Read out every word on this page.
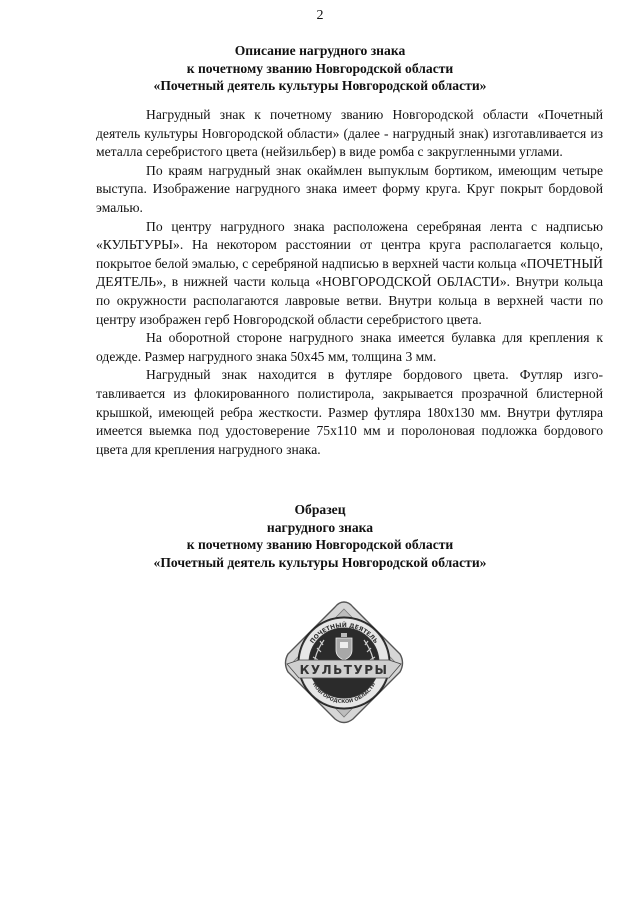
2
Описание нагрудного знака
к почетному званию Новгородской области
«Почетный деятель культуры Новгородской области»

Нагрудный знак к почетному званию Новгородской области «Почетный деятель культуры Новгородской области» (далее - нагрудный знак) изготавливается из металла серебристого цвета (нейзильбер) в виде ромба с закругленными углами.

По краям нагрудный знак окаймлен выпуклым бортиком, имеющим четыре выступа. Изображение нагрудного знака имеет форму круга. Круг покрыт бордовой эмалью.

По центру нагрудного знака расположена серебряная лента с надписью «КУЛЬТУРЫ». На некотором расстоянии от центра круга располагается кольцо, покрытое белой эмалью, с серебряной надписью в верхней части кольца «ПОЧЕТНЫЙ ДЕЯТЕЛЬ», в нижней части кольца «НОВГОРОДСКОЙ ОБЛАСТИ». Внутри кольца по окружности располагаются лавровые ветви. Внутри кольца в верхней части по центру изображен герб Новгородской области серебристого цвета.

На оборотной стороне нагрудного знака имеется булавка для крепления к одежде. Размер нагрудного знака 50х45 мм, толщина 3 мм.

Нагрудный знак находится в футляре бордового цвета. Футляр изготавливается из флокированного полистирола, закрывается прозрачной блистерной крышкой, имеющей ребра жесткости. Размер футляра 180х130 мм. Внутри футляра имеется выемка под удостоверение 75х110 мм и поролоновая подложка бордового цвета для крепления нагрудного знака.

Образец
нагрудного знака
к почетному званию Новгородской области
«Почетный деятель культуры Новгородской области»
КУЛЬТУРЫ
ПОЧЕТНЫЙ ДЕЯТЕЛЬ
НОВГОРОДСКОЙ ОБЛАСТИ
